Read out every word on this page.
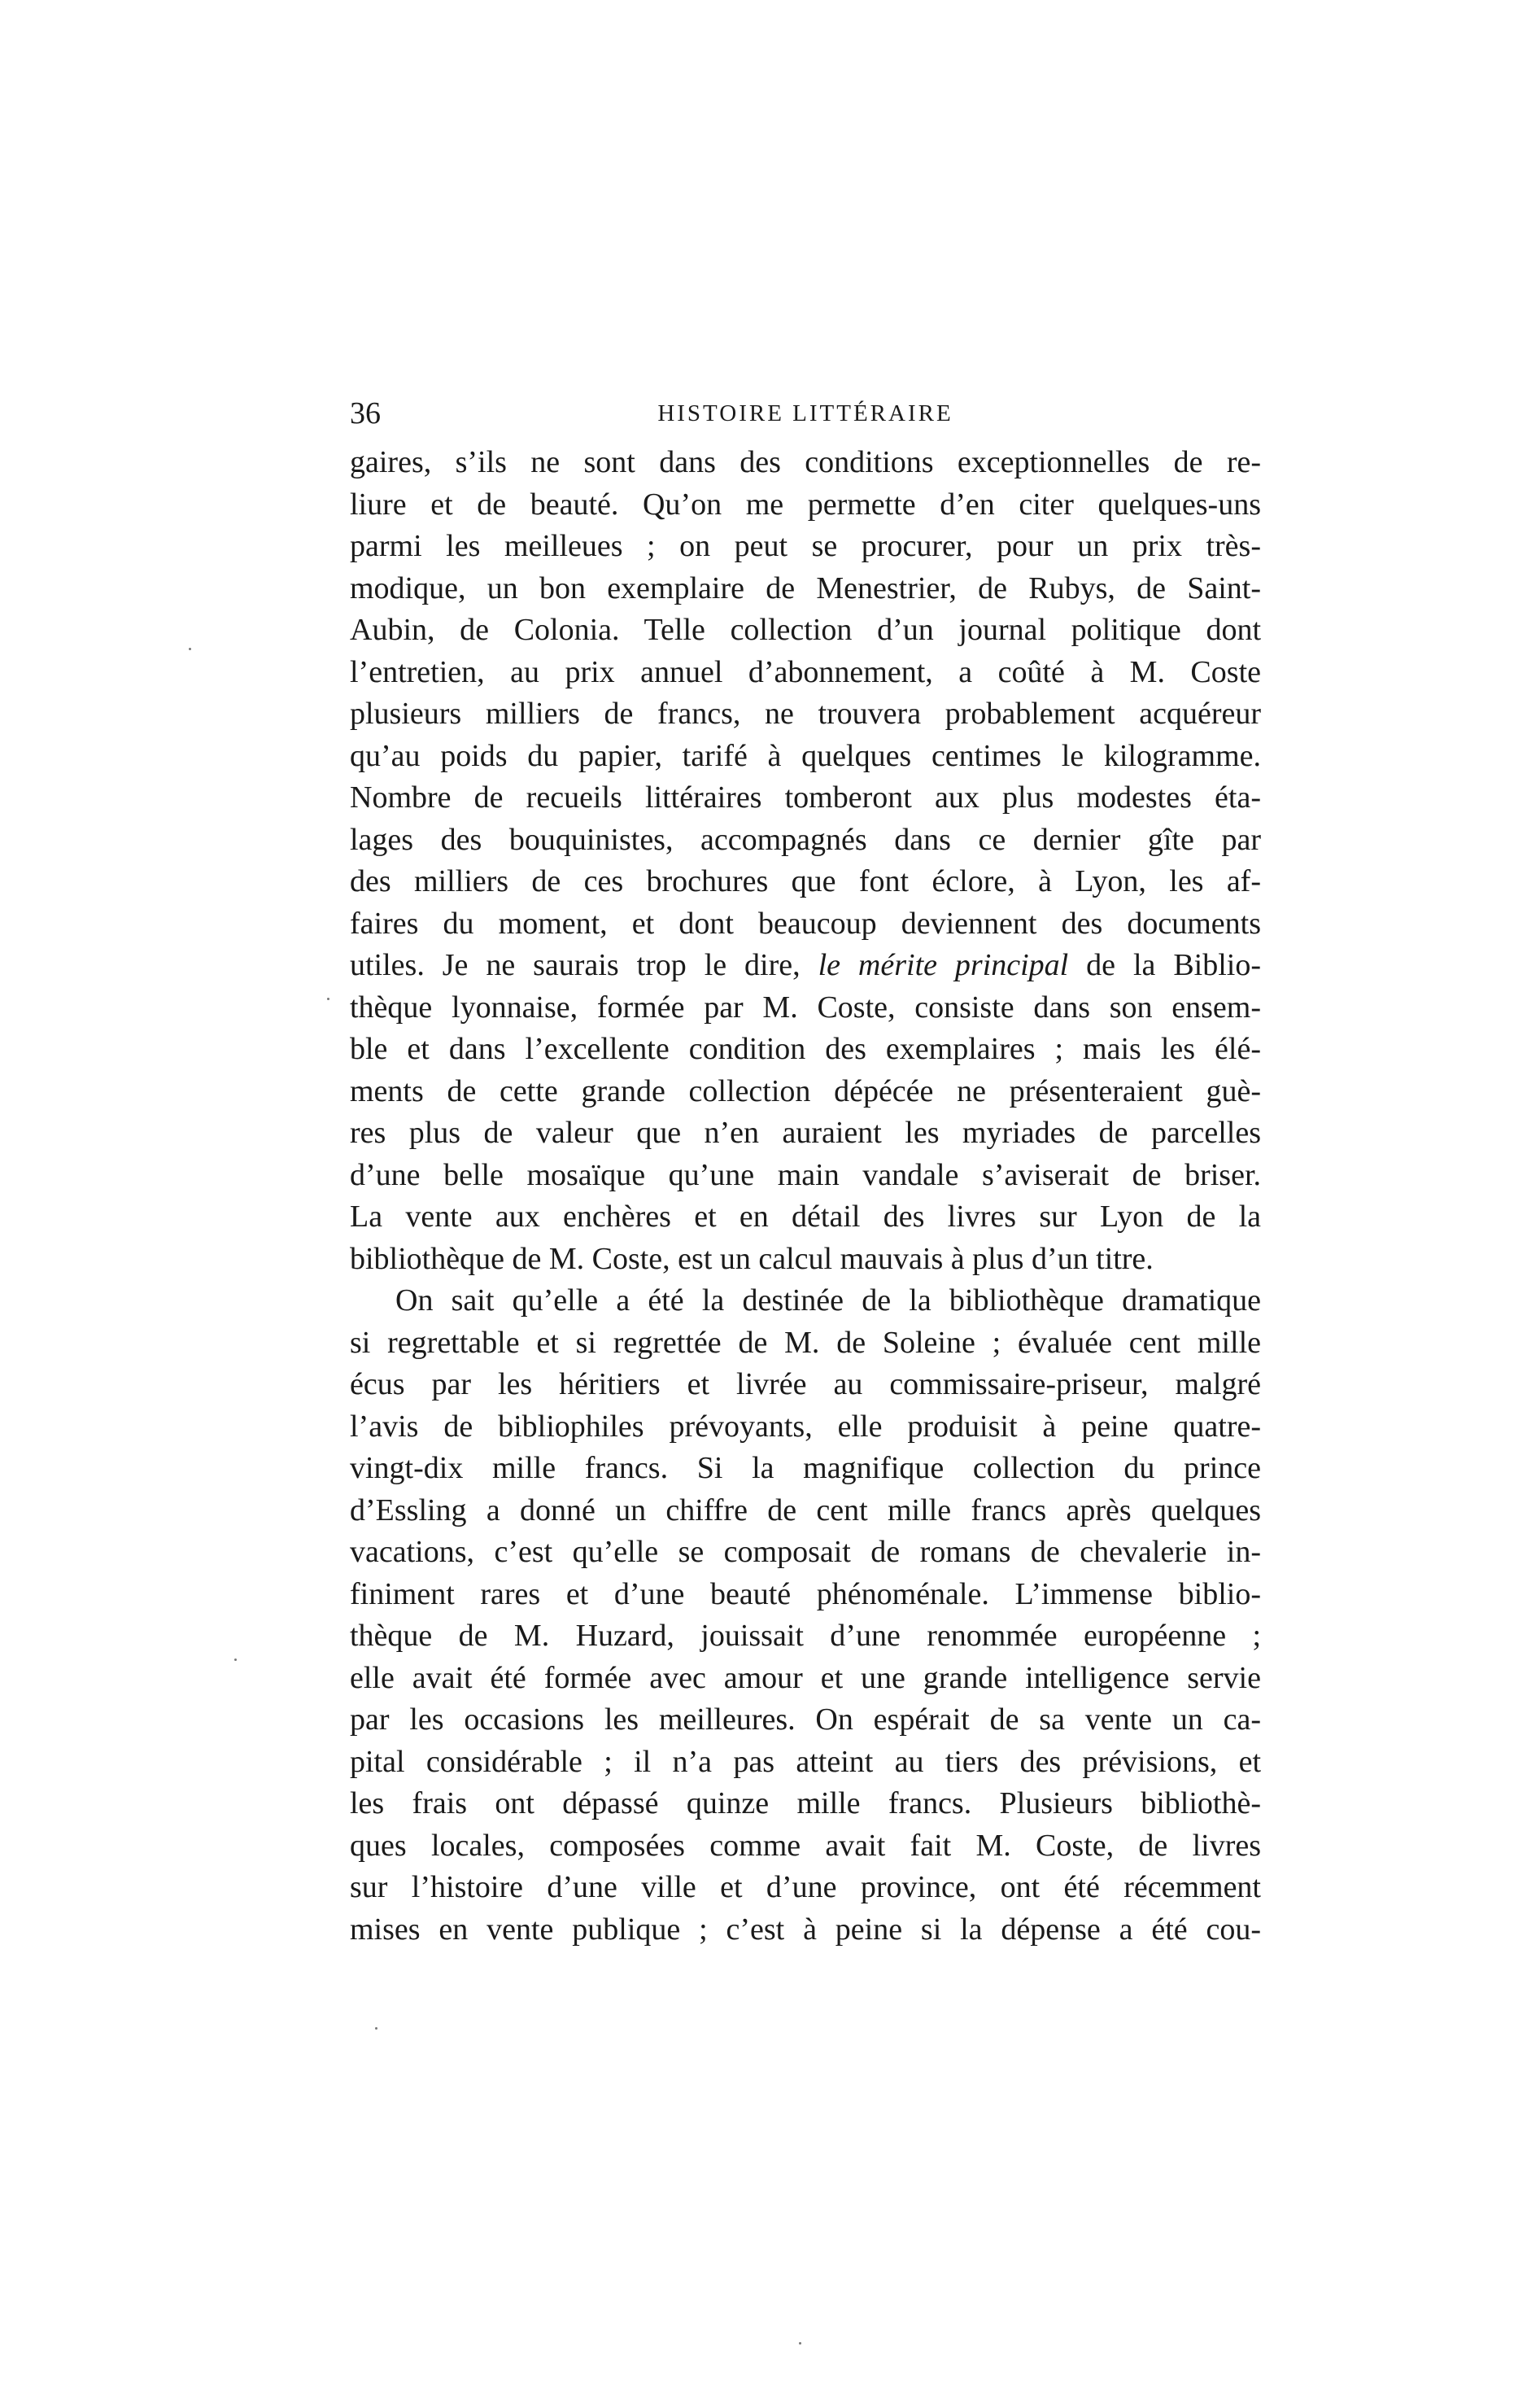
36	HISTOIRE LITTÉRAIRE
gaires, s’ils ne sont dans des conditions exceptionnelles de re-
liure et de beauté. Qu’on me permette d’en citer quelques-uns
parmi les meilleues ; on peut se procurer, pour un prix très-
modique, un bon exemplaire de Menestrier, de Rubys, de Saint-
Aubin, de Colonia. Telle collection d’un journal politique dont
l’entretien, au prix annuel d’abonnement, a coûté à M. Coste
plusieurs milliers de francs, ne trouvera probablement acquéreur
qu’au poids du papier, tarifé à quelques centimes le kilogramme.
Nombre de recueils littéraires tomberont aux plus modestes éta-
lages des bouquinistes, accompagnés dans ce dernier gîte par
des milliers de ces brochures que font éclore, à Lyon, les af-
faires du moment, et dont beaucoup deviennent des documents
utiles. Je ne saurais trop le dire, le mérite principal de la Biblio-
thèque lyonnaise, formée par M. Coste, consiste dans son ensem-
ble et dans l’excellente condition des exemplaires ; mais les élé-
ments de cette grande collection dépécée ne présenteraient guè-
res plus de valeur que n’en auraient les myriades de parcelles
d’une belle mosaïque qu’une main vandale s’aviserait de briser.
La vente aux enchères et en détail des livres sur Lyon de la
bibliothèque de M. Coste, est un calcul mauvais à plus d’un titre.
On sait qu’elle a été la destinée de la bibliothèque dramatique
si regrettable et si regrettée de M. de Soleine ; évaluée cent mille
écus par les héritiers et livrée au commissaire-priseur, malgré
l’avis de bibliophiles prévoyants, elle produisit à peine quatre-
vingt-dix mille francs. Si la magnifique collection du prince
d’Essling a donné un chiffre de cent mille francs après quelques
vacations, c’est qu’elle se composait de romans de chevalerie in-
finiment rares et d’une beauté phénoménale. L’immense biblio-
thèque de M. Huzard, jouissait d’une renommée européenne ;
elle avait été formée avec amour et une grande intelligence servie
par les occasions les meilleures. On espérait de sa vente un ca-
pital considérable ; il n’a pas atteint au tiers des prévisions, et
les frais ont dépassé quinze mille francs. Plusieurs bibliothè-
ques locales, composées comme avait fait M. Coste, de livres
sur l’histoire d’une ville et d’une province, ont été récemment
mises en vente publique ; c’est à peine si la dépense a été cou-
